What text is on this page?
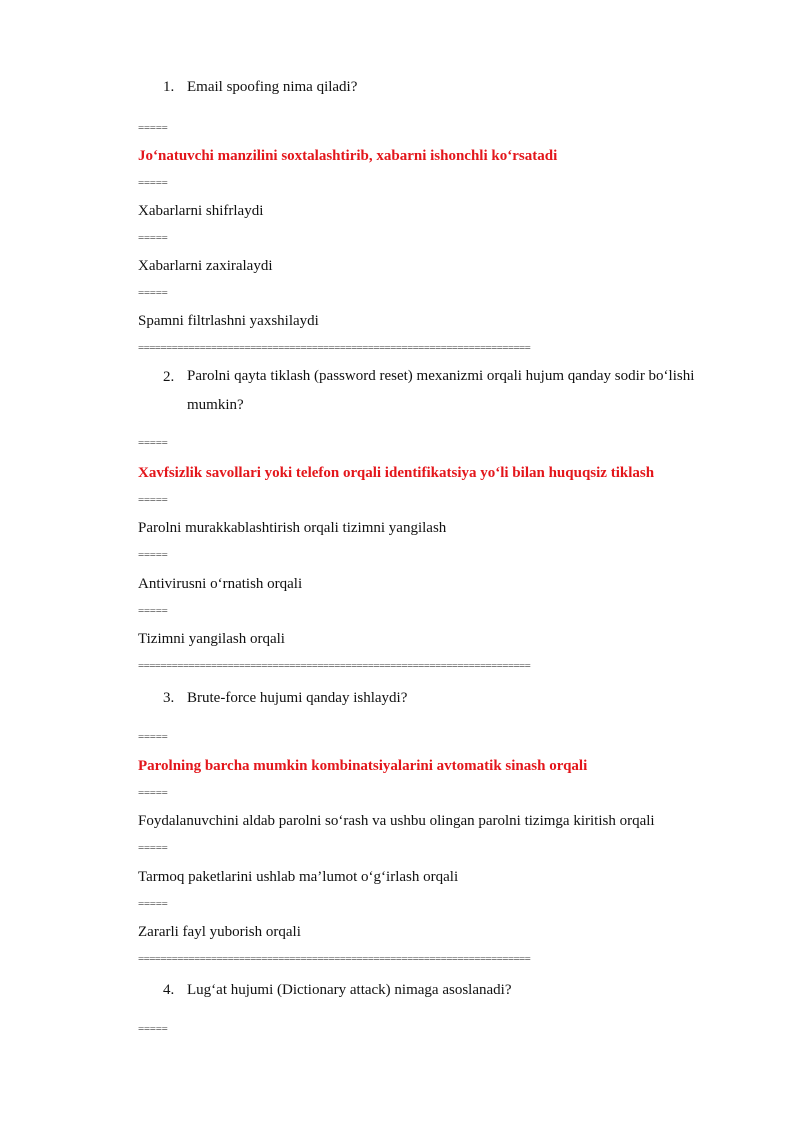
1. Email spoofing nima qiladi?
=====
Jo‘natuvchi manzilini soxtalashtirib, xabarni ishonchli ko‘rsatadi
=====
Xabarlarni shifrlaydi
=====
Xabarlarni zaxiralaydi
=====
Spamni filtrlashni yaxshilaydi
======================================================================
2. Parolni qayta tiklash (password reset) mexanizmi orqali hujum qanday sodir bo‘lishi mumkin?
=====
Xavfsizlik savollari yoki telefon orqali identifikatsiya yo‘li bilan huquqsiz tiklash
=====
Parolni murakkablashtirish orqali tizimni yangilash
=====
Antivirusni o‘rnatish orqali
=====
Tizimni yangilash orqali
======================================================================
3. Brute-force hujumi qanday ishlaydi?
=====
Parolning barcha mumkin kombinatsiyalarini avtomatik sinash orqali
=====
Foydalanuvchini aldab parolni so‘rash va ushbu olingan parolni tizimga kiritish orqali
=====
Tarmoq paketlarini ushlab ma’lumot o‘g‘irlash orqali
=====
Zararli fayl yuborish orqali
======================================================================
4. Lug‘at hujumi (Dictionary attack) nimaga asoslanadi?
=====
